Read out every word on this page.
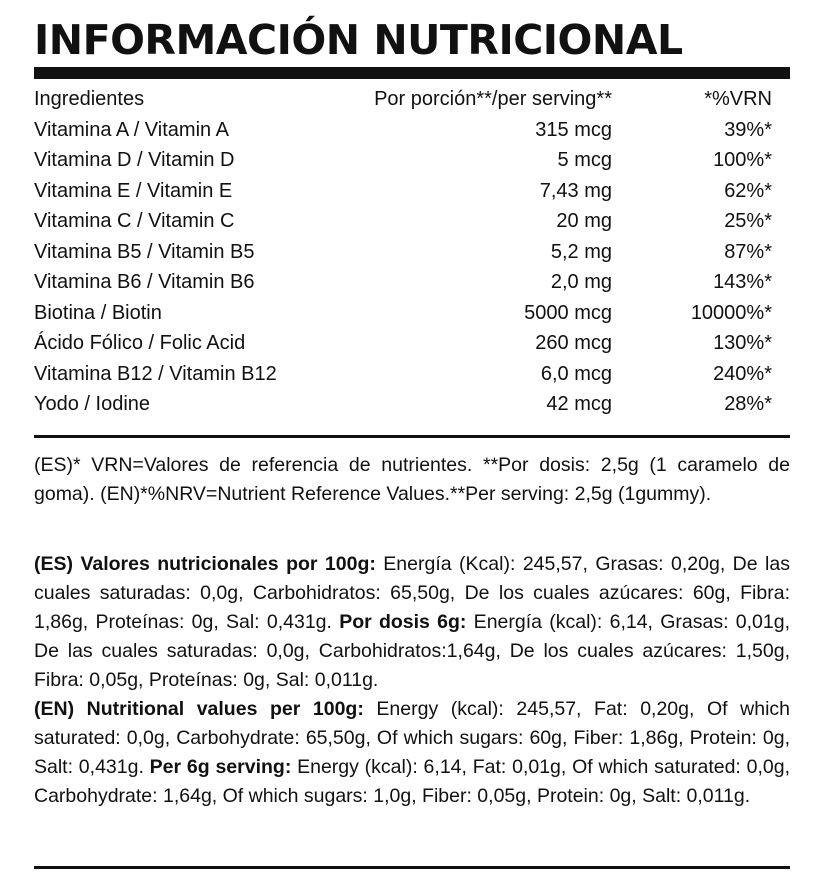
INFORMACIÓN NUTRICIONAL
Ingredientes	Por porción**/per serving**	*%VRN
Vitamina A / Vitamin A	315 mcg	39%*
Vitamina D / Vitamin D	5 mcg	100%*
Vitamina E / Vitamin E	7,43 mg	62%*
Vitamina C / Vitamin C	20 mg	25%*
Vitamina B5 / Vitamin B5	5,2 mg	87%*
Vitamina B6 / Vitamin B6	2,0 mg	143%*
Biotina / Biotin	5000 mcg	10000%*
Ácido Fólico / Folic Acid	260 mcg	130%*
Vitamina B12 / Vitamin B12	6,0 mcg	240%*
Yodo / Iodine	42 mcg	28%*

(ES)* VRN=Valores de referencia de nutrientes. **Por dosis: 2,5g (1 caramelo de goma). (EN)*%NRV=Nutrient Reference Values.**Per serving: 2,5g (1gummy).

(ES) Valores nutricionales por 100g: Energía (Kcal): 245,57, Grasas: 0,20g, De las cuales saturadas: 0,0g, Carbohidratos: 65,50g, De los cuales azúcares: 60g, Fibra: 1,86g, Proteínas: 0g, Sal: 0,431g. Por dosis 6g: Energía (kcal): 6,14, Grasas: 0,01g, De las cuales saturadas: 0,0g, Carbohidratos:1,64g, De los cuales azúcares: 1,50g, Fibra: 0,05g, Proteínas: 0g, Sal: 0,011g.

(EN) Nutritional values per 100g: Energy (kcal): 245,57, Fat: 0,20g, Of which saturated: 0,0g, Carbohydrate: 65,50g, Of which sugars: 60g, Fiber: 1,86g, Protein: 0g, Salt: 0,431g. Per 6g serving: Energy (kcal): 6,14, Fat: 0,01g, Of which saturated: 0,0g, Carbohydrate: 1,64g, Of which sugars: 1,0g, Fiber: 0,05g, Protein: 0g, Salt: 0,011g.
